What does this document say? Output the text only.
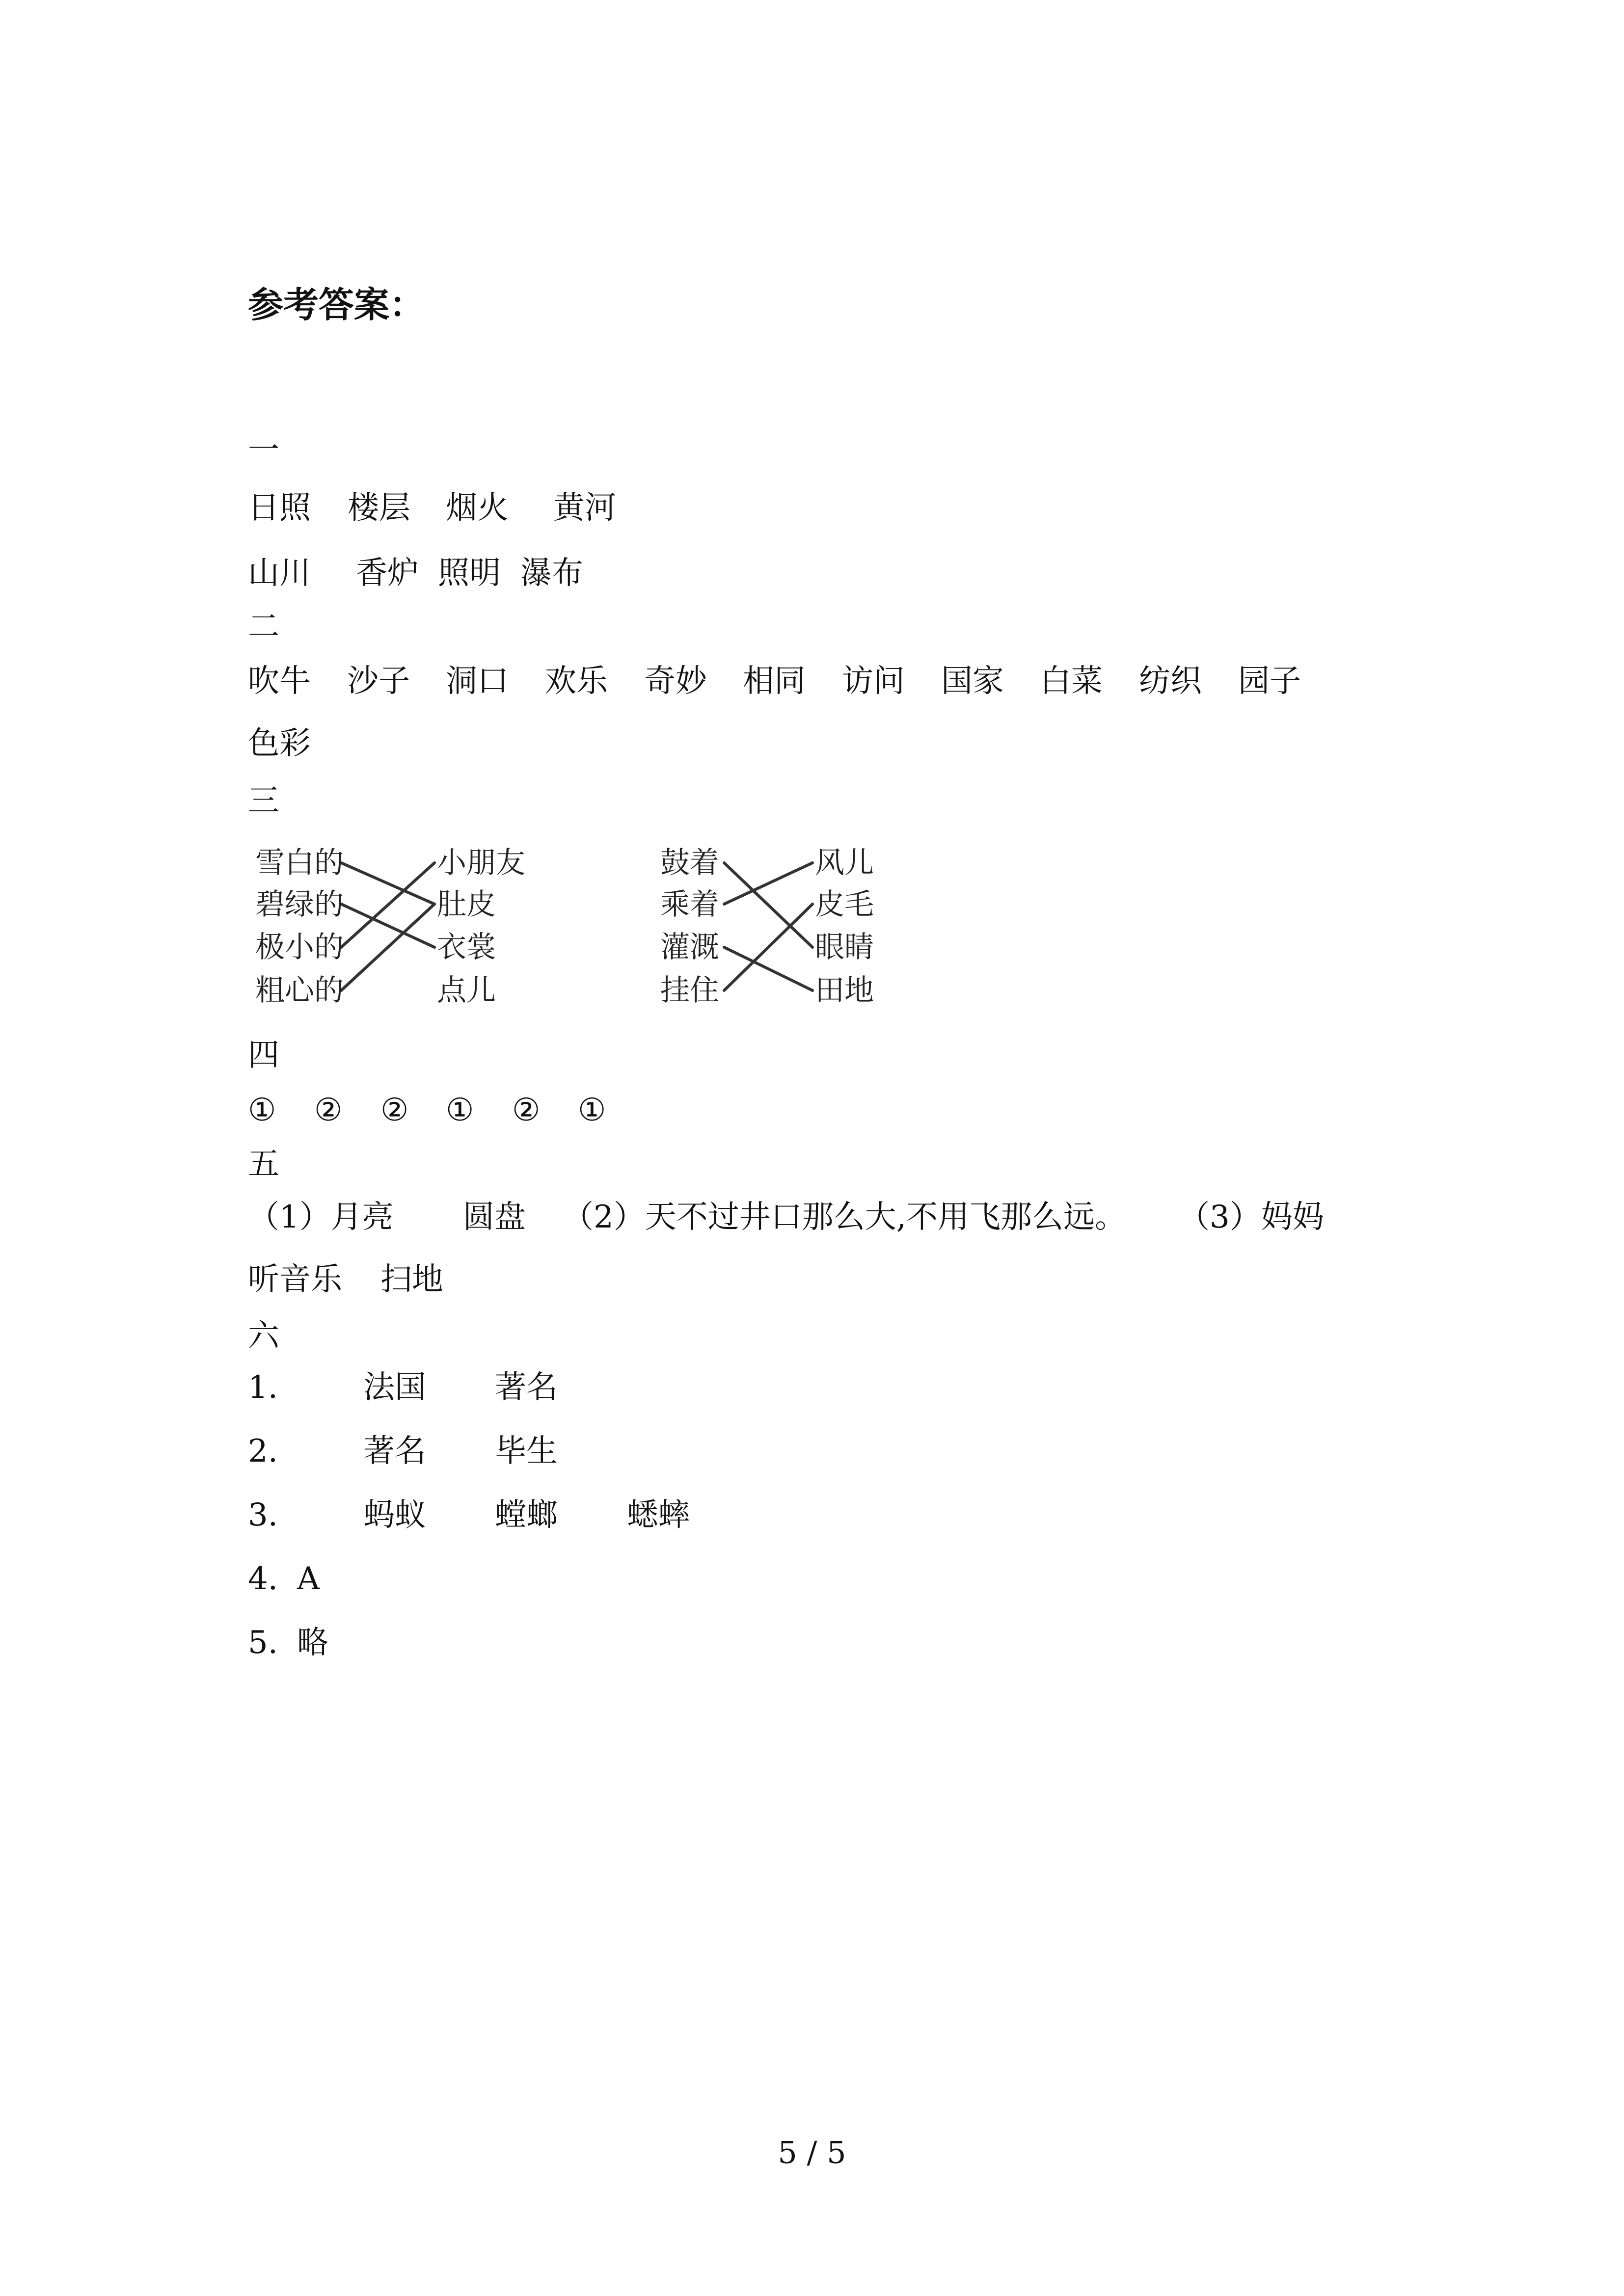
参考答案：
一
日照 楼层 烟火 黄河
山川 香炉 照明 瀑布
二
吹牛 沙子 洞口 欢乐 奇妙 相同 访问 国家 白菜 纺织 园子
色彩
三
雪白的
碧绿的
极小的
粗心的
小朋友
肚皮
衣裳
点儿
鼓着
乘着
灌溉
挂住
风儿
皮毛
眼睛
田地
四
① ② ② ① ② ①
五
（1）月亮 圆盘 （2）天不过井口那么大,不用飞那么远。 （3）妈妈
听音乐 扫地
六
1.	法国 著名
2.	著名 毕生
3.	蚂蚁 螳螂 蟋蟀
4. A
5. 略
5 / 5
